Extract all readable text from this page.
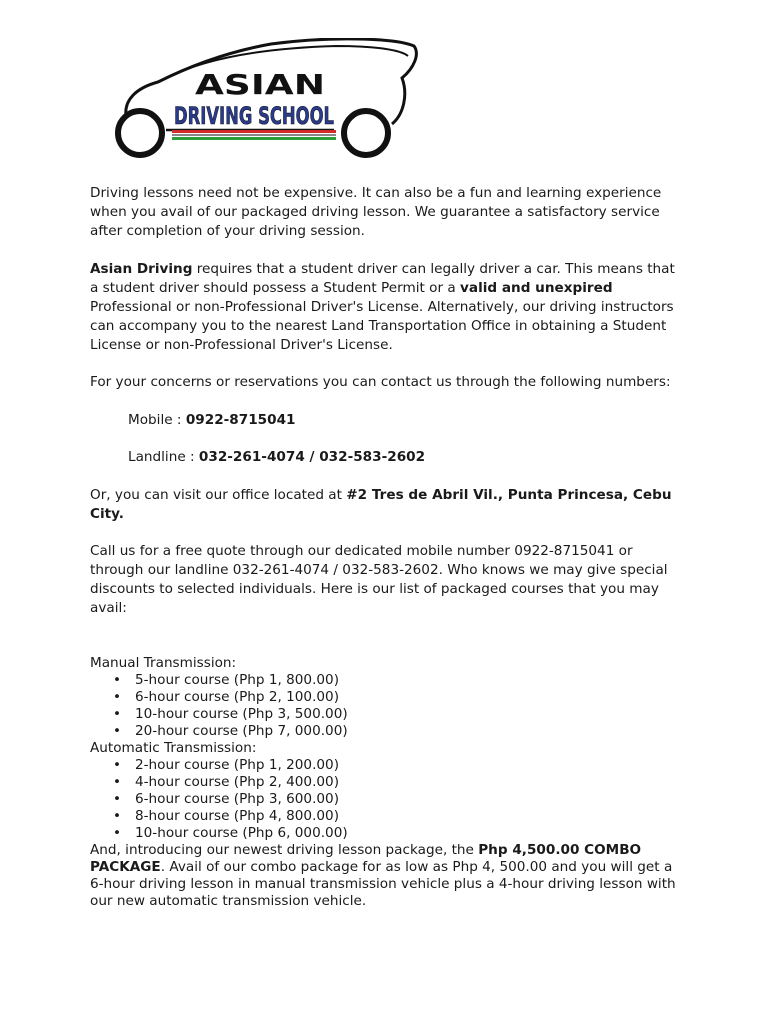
ASIAN
DRIVING SCHOOL

Driving lessons need not be expensive. It can also be a fun and learning experience when you avail of our packaged driving lesson. We guarantee a satisfactory service after completion of your driving session.

Asian Driving requires that a student driver can legally driver a car. This means that a student driver should possess a Student Permit or a valid and unexpired Professional or non-Professional Driver's License. Alternatively, our driving instructors can accompany you to the nearest Land Transportation Office in obtaining a Student License or non-Professional Driver's License.

For your concerns or reservations you can contact us through the following numbers:

Mobile : 0922-8715041

Landline : 032-261-4074 / 032-583-2602

Or, you can visit our office located at #2 Tres de Abril Vil., Punta Princesa, Cebu City.

Call us for a free quote through our dedicated mobile number 0922-8715041 or through our landline 032-261-4074 / 032-583-2602. Who knows we may give special discounts to selected individuals. Here is our list of packaged courses that you may avail:

Manual Transmission:

• 5-hour course (Php 1, 800.00)
• 6-hour course (Php 2, 100.00)
• 10-hour course (Php 3, 500.00)
• 20-hour course (Php 7, 000.00)

Automatic Transmission:

• 2-hour course (Php 1, 200.00)
• 4-hour course (Php 2, 400.00)
• 6-hour course (Php 3, 600.00)
• 8-hour course (Php 4, 800.00)
• 10-hour course (Php 6, 000.00)

And, introducing our newest driving lesson package, the Php 4,500.00 COMBO PACKAGE. Avail of our combo package for as low as Php 4, 500.00 and you will get a 6-hour driving lesson in manual transmission vehicle plus a 4-hour driving lesson with our new automatic transmission vehicle.
